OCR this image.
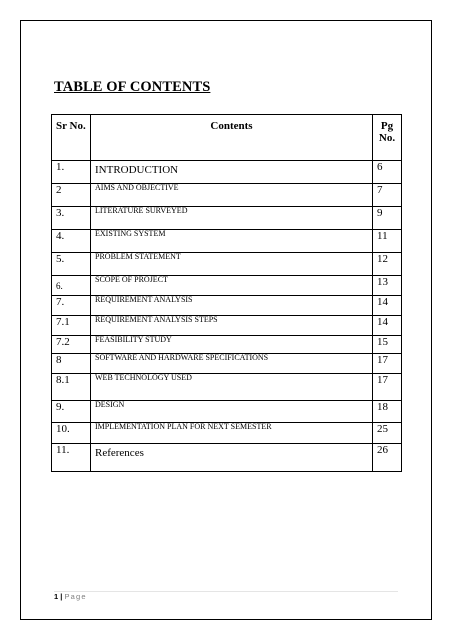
TABLE OF CONTENTS
Sr No.	Contents	Pg
No.
1.	INTRODUCTION	6
2	AIMS AND OBJECTIVE	7
3.	LITERATURE SURVEYED	9
4.	EXISTING SYSTEM	11
5.	PROBLEM STATEMENT	12
6.	SCOPE OF PROJECT	13
7.	REQUIREMENT ANALYSIS	14
7.1	REQUIREMENT ANALYSIS STEPS	14
7.2	FEASIBILITY STUDY	15
8	SOFTWARE AND HARDWARE SPECIFICATIONS	17
8.1	WEB TECHNOLOGY USED	17
9.	DESIGN	18
10.	IMPLEMENTATION PLAN FOR NEXT SEMESTER	25
11.	References	26
1 | Page
